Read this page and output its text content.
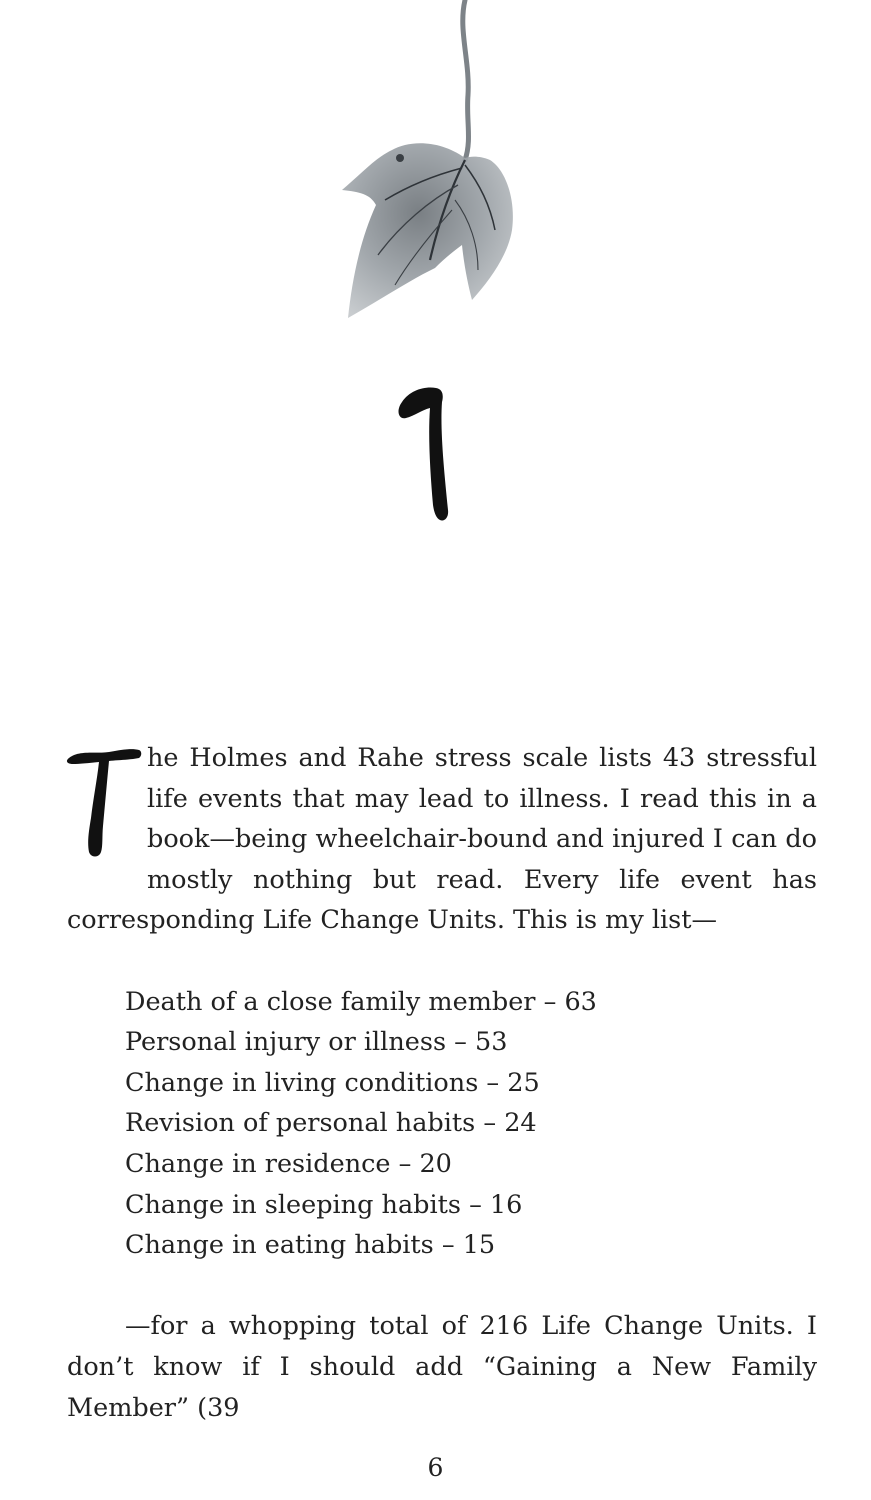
he Holmes and Rahe stress scale lists 43 stressful life events that may lead to illness. I read this in a book—being wheelchair-bound and injured I can do mostly nothing but read. Every life event has corresponding Life Change Units. This is my list—

Death of a close family member – 63
Personal injury or illness – 53
Change in living conditions – 25
Revision of personal habits – 24
Change in residence – 20
Change in sleeping habits – 16
Change in eating habits – 15

—for a whopping total of 216 Life Change Units. I don’t know if I should add “Gaining a New Family Member” (39

6
